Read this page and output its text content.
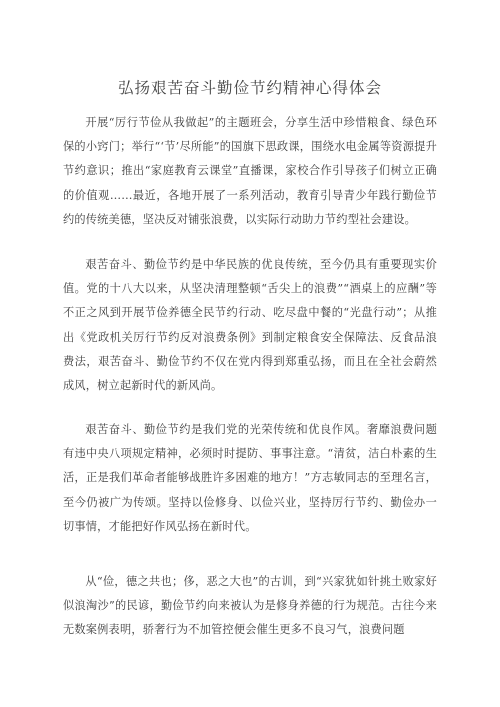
弘扬艰苦奋斗勤俭节约精神心得体会

开展“厉行节俭从我做起”的主题班会，分享生活中珍惜粮食、绿色环保的小窍门；举行“‘节’尽所能”的国旗下思政课，围绕水电金属等资源提升节约意识；推出“家庭教育云课堂”直播课，家校合作引导孩子们树立正确的价值观……最近，各地开展了一系列活动，教育引导青少年践行勤俭节约的传统美德，坚决反对铺张浪费，以实际行动助力节约型社会建设。

艰苦奋斗、勤俭节约是中华民族的优良传统，至今仍具有重要现实价值。党的十八大以来，从坚决清理整顿“舌尖上的浪费”“酒桌上的应酬”等不正之风到开展节俭养德全民节约行动、吃尽盘中餐的“光盘行动”；从推出《党政机关厉行节约反对浪费条例》到制定粮食安全保障法、反食品浪费法，艰苦奋斗、勤俭节约不仅在党内得到郑重弘扬，而且在全社会蔚然成风，树立起新时代的新风尚。

艰苦奋斗、勤俭节约是我们党的光荣传统和优良作风。奢靡浪费问题有违中央八项规定精神，必须时时提防、事事注意。“清贫，洁白朴素的生活，正是我们革命者能够战胜许多困难的地方！”方志敏同志的至理名言，至今仍被广为传颂。坚持以俭修身、以俭兴业，坚持厉行节约、勤俭办一切事情，才能把好作风弘扬在新时代。

从“俭，德之共也；侈，恶之大也”的古训，到“兴家犹如针挑土败家好似浪淘沙”的民谚，勤俭节约向来被认为是修身养德的行为规范。古往今来无数案例表明，骄奢行为不加管控便会催生更多不良习气，浪费问题
